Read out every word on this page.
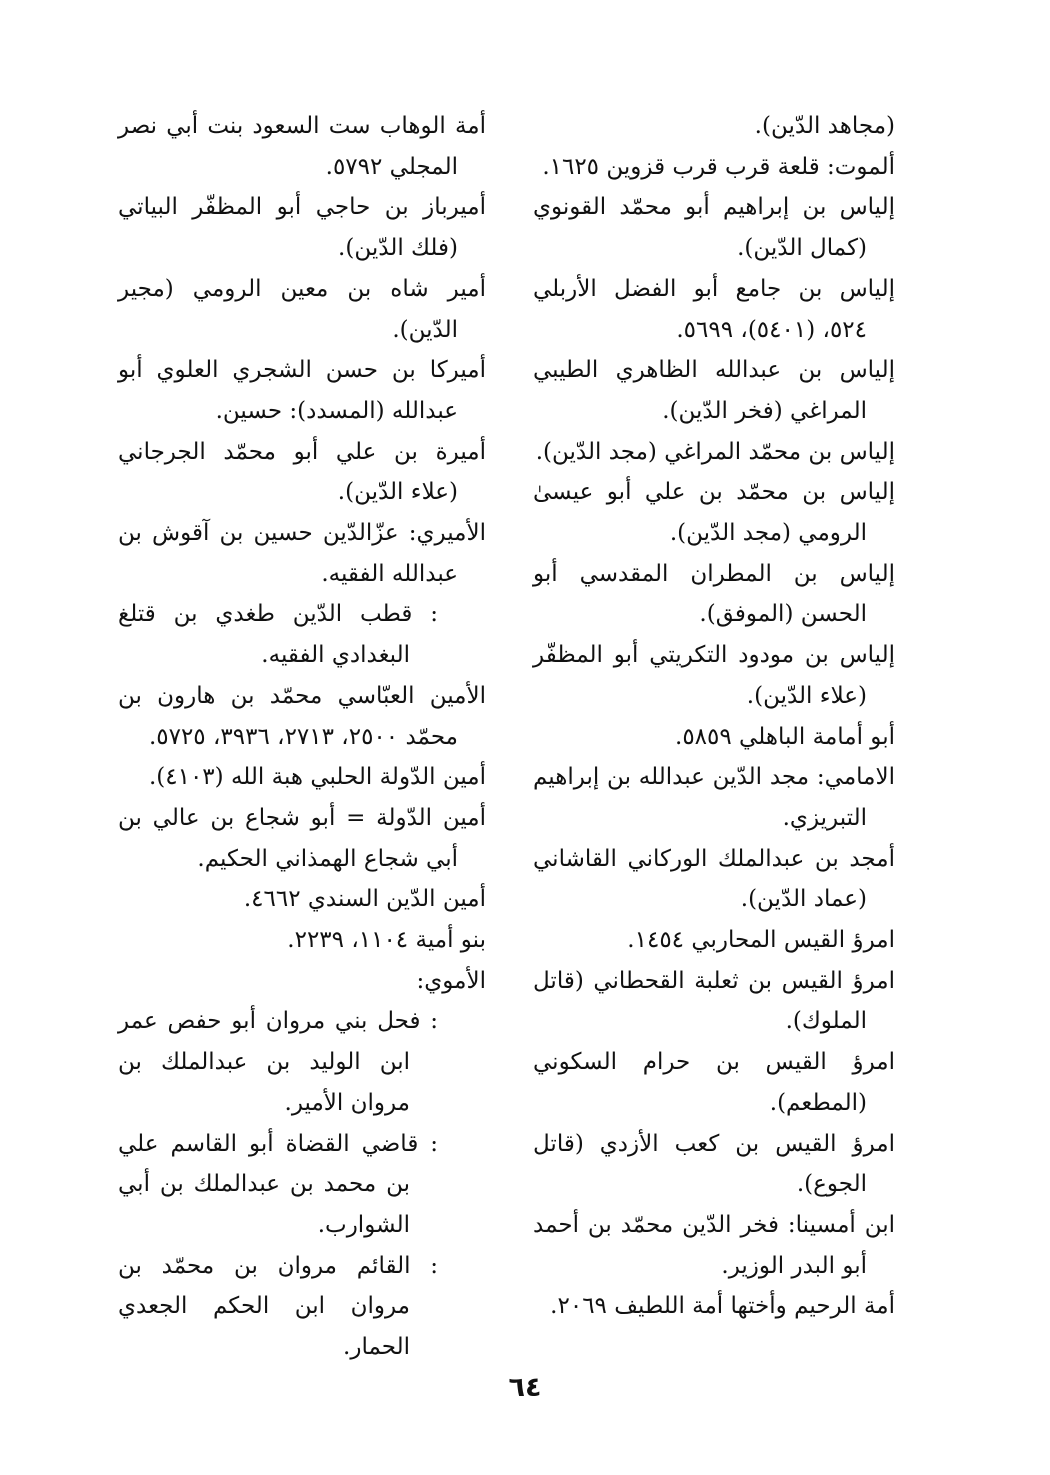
(مجاهد الدّين).

ألموت: قلعة قرب قرب قزوين ١٦٢٥.

إلياس بن إبراهيم أبو محمّد القونوي (كمال الدّين).

إلياس بن جامع أبو الفضل الأربلي ٥٢٤، (٥٤٠١)، ٥٦٩٩.

إلياس بن عبدالله الظاهري الطيبي المراغي (فخر الدّين).

إلياس بن محمّد المراغي (مجد الدّين).

إلياس بن محمّد بن علي أبو عيسىٰ الرومي (مجد الدّين).

إلياس بن المطران المقدسي أبو الحسن (الموفق).

إلياس بن مودود التكريتي أبو المظفّر (علاء الدّين).

أبو أمامة الباهلي ٥٨٥٩.

الامامي: مجد الدّين عبدالله بن إبراهيم التبريزي.

أمجد بن عبدالملك الوركاني القاشاني (عماد الدّين).

امرؤ القيس المحاربي ١٤٥٤.

امرؤ القيس بن ثعلبة القحطاني (قاتل الملوك).

امرؤ القيس بن حرام السكوني (المطعم).

امرؤ القيس بن كعب الأزدي (قاتل الجوع).

ابن أمسينا: فخر الدّين محمّد بن أحمد أبو البدر الوزير.

أمة الرحيم وأختها أمة اللطيف ٢٠٦٩.

أمة الوهاب ست السعود بنت أبي نصر المجلي ٥٧٩٢.

أميرباز بن حاجي أبو المظفّر البياتي (فلك الدّين).

أمير شاه بن معين الرومي (مجير الدّين).

أميركا بن حسن الشجري العلوي أبو عبدالله (المسدد): حسين.

أميرة بن علي أبو محمّد الجرجاني (علاء الدّين).

الأميري: عزّالدّين حسين بن آقوش بن عبدالله الفقيه.

: قطب الدّين طغدي بن قتلغ البغدادي الفقيه.

الأمين العبّاسي محمّد بن هارون بن محمّد ٢٥٠٠، ٢٧١٣، ٣٩٣٦، ٥٧٢٥.

أمين الدّولة الحلبي هبة الله (٤١٠٣).

أمين الدّولة = أبو شجاع بن عالي بن أبي شجاع الهمذاني الحكيم.

أمين الدّين السندي ٤٦٦٢.

بنو أمية ١١٠٤، ٢٢٣٩.

الأموي:

: فحل بني مروان أبو حفص عمر ابن الوليد بن عبدالملك بن مروان الأمير.

: قاضي القضاة أبو القاسم علي بن محمد بن عبدالملك بن أبي الشوارب.

: القائم مروان بن محمّد بن مروان ابن الحكم الجعدي الحمار.

٦٤
